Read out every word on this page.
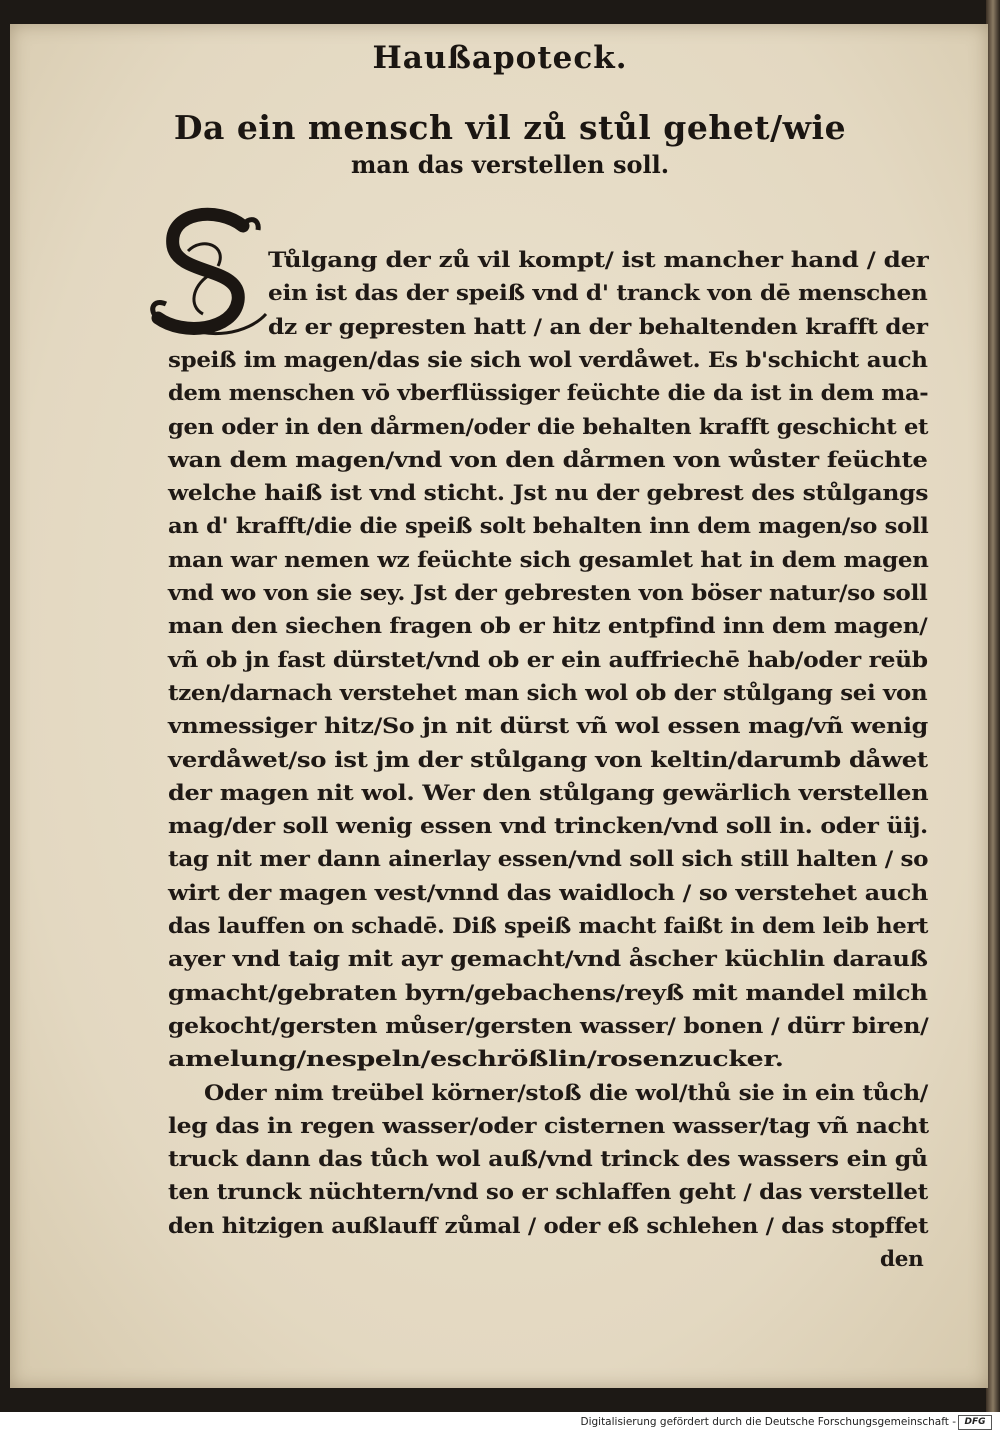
Haußapoteck.
Da ein mensch vil zů stůl gehet/wie
man das verstellen soll.
S
Tůlgang der zů vil kompt/ ist mancher hand / der
ein ist das der speiß vnd d' tranck von dē menschen
dz er gepresten hatt / an der behaltenden krafft der
speiß im magen/das sie sich wol verdåwet. Es b'schicht auch
dem menschen vō vberflüssiger feüchte die da ist in dem ma-
gen oder in den dårmen/oder die behalten krafft geschicht et
wan dem magen/vnd von den dårmen von wůster feüchte
welche haiß ist vnd sticht. Jst nu der gebrest des stůlgangs
an d' krafft/die die speiß solt behalten inn dem magen/so soll
man war nemen wz feüchte sich gesamlet hat in dem magen
vnd wo von sie sey. Jst der gebresten von böser natur/so soll
man den siechen fragen ob er hitz entpfind inn dem magen/
vñ ob jn fast dürstet/vnd ob er ein auffriechē hab/oder reüb
tzen/darnach verstehet man sich wol ob der stůlgang sei von
vnmessiger hitz/So jn nit dürst vñ wol essen mag/vñ wenig
verdåwet/so ist jm der stůlgang von keltin/darumb dåwet
der magen nit wol. Wer den stůlgang gewärlich verstellen
mag/der soll wenig essen vnd trincken/vnd soll in. oder üij.
tag nit mer dann ainerlay essen/vnd soll sich still halten / so
wirt der magen vest/vnnd das waidloch / so verstehet auch
das lauffen on schadē. Diß speiß macht faißt in dem leib hert
ayer vnd taig mit ayr gemacht/vnd åscher küchlin darauß
gmacht/gebraten byrn/gebachens/reyß mit mandel milch
gekocht/gersten můser/gersten wasser/ bonen / dürr biren/
amelung/nespeln/eschrößlin/rosenzucker.
Oder nim treübel körner/stoß die wol/thů sie in ein tůch/
leg das in regen wasser/oder cisternen wasser/tag vñ nacht
truck dann das tůch wol auß/vnd trinck des wassers ein gů
ten trunck nüchtern/vnd so er schlaffen geht / das verstellet
den hitzigen außlauff zůmal / oder eß schlehen / das stopffet
den
Digitalisierung gefördert durch die Deutsche Forschungsgemeinschaft - DFG
